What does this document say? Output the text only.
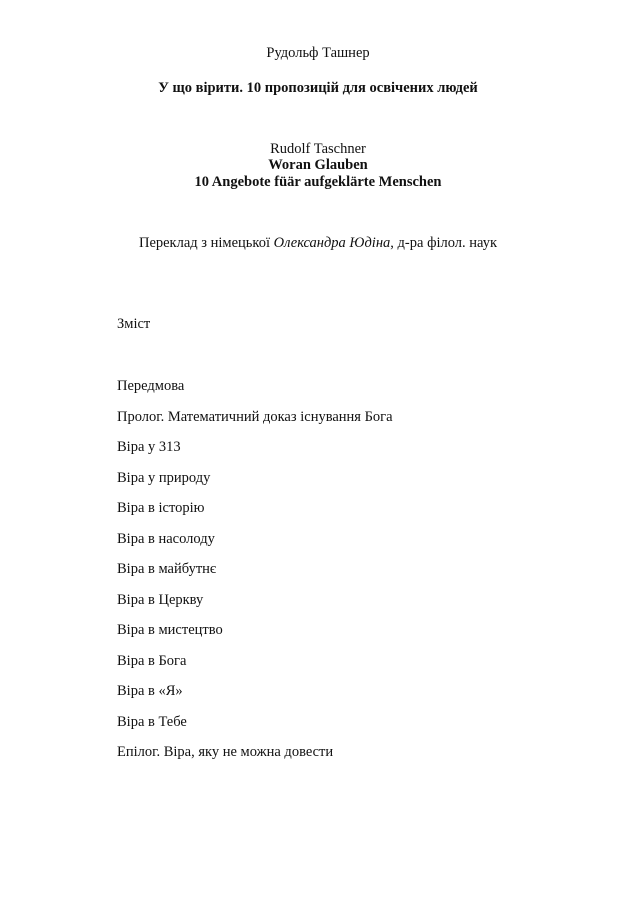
Рудольф Ташнер
У що вірити. 10 пропозицій для освічених людей
Rudolf Taschner
Woran Glauben
10 Angebote füär aufgeklärte Menschen
Переклад з німецької Олександра Юдіна, д-ра філол. наук
Зміст
Передмова
Пролог. Математичний доказ існування Бога
Віра у 313
Віра у природу
Віра в історію
Віра в насолоду
Віра в майбутнє
Віра в Церкву
Віра в мистецтво
Віра в Бога
Віра в «Я»
Віра в Тебе
Епілог. Віра, яку не можна довести
